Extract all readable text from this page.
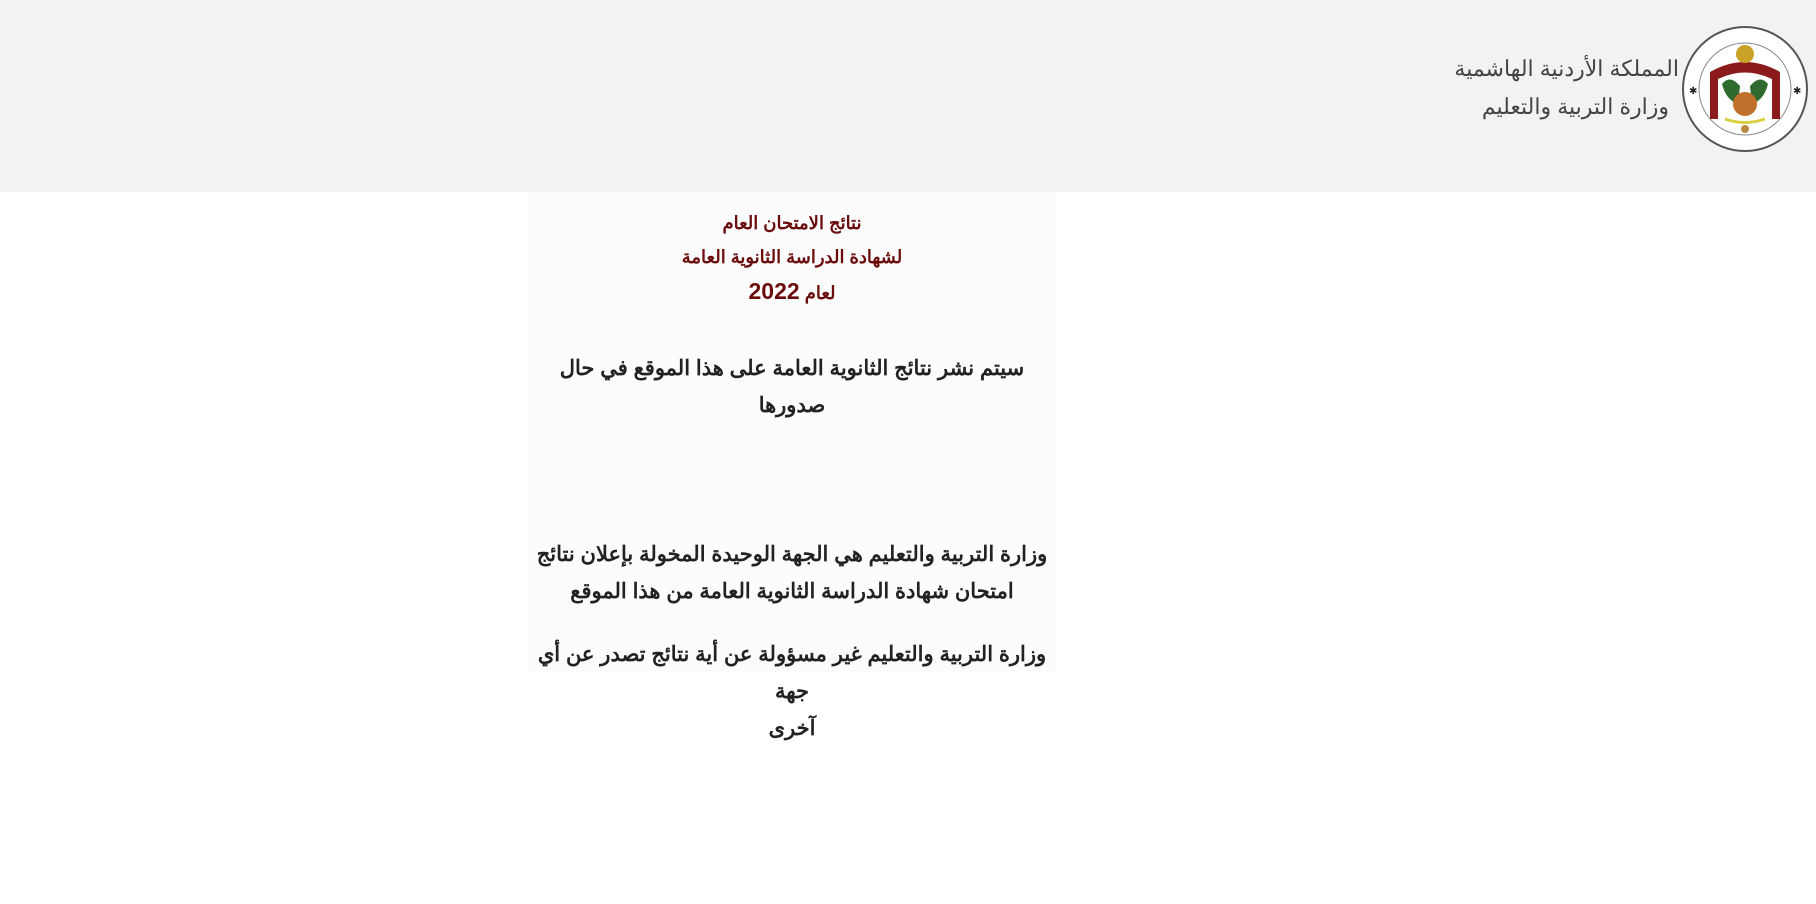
المملكة الأردنية الهاشمية
وزارة التربية والتعليم
✱	✱
نتائج الامتحان العام
لشهادة الدراسة الثانوية العامة
لعام 2022
سيتم نشر نتائج الثانوية العامة على هذا الموقع في حال صدورها
وزارة التربية والتعليم هي الجهة الوحيدة المخولة بإعلان نتائج
امتحان شهادة الدراسة الثانوية العامة من هذا الموقع
وزارة التربية والتعليم غير مسؤولة عن أية نتائج تصدر عن أي جهة
آخرى
